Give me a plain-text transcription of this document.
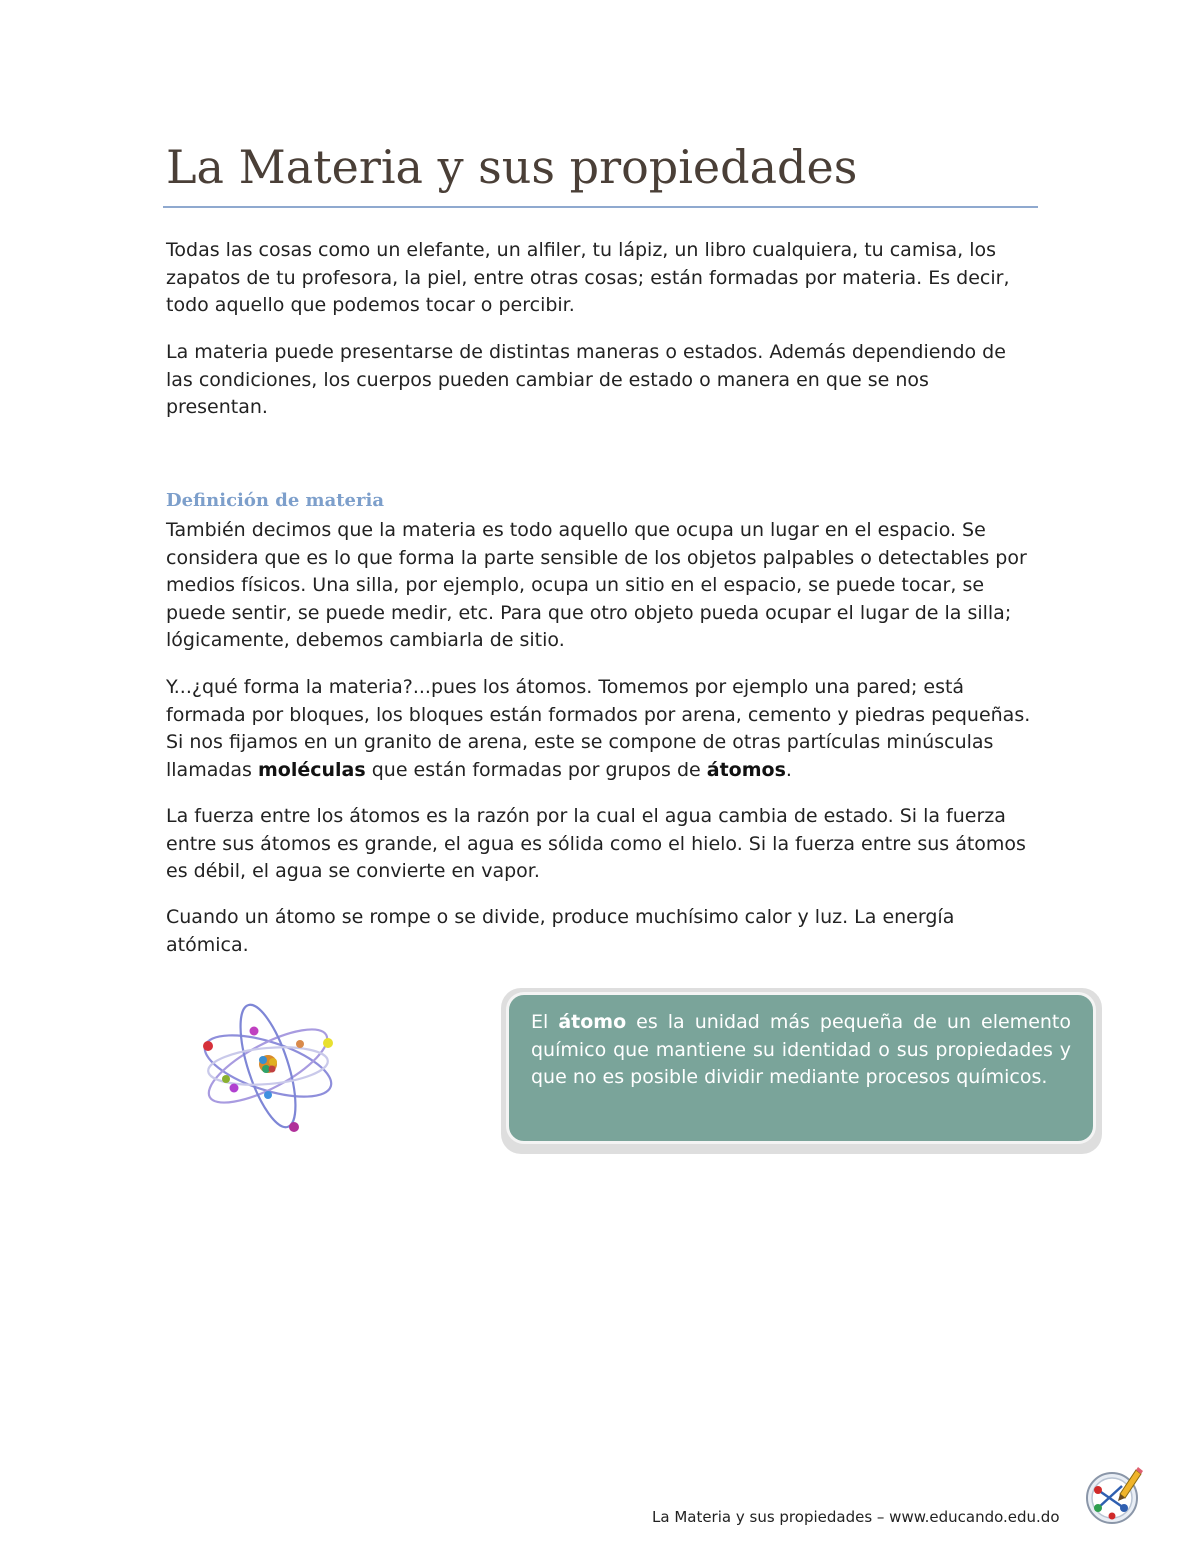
La Materia y sus propiedades

Todas las cosas como un elefante, un alfiler, tu lápiz, un libro cualquiera, tu camisa, los zapatos de tu profesora, la piel, entre otras cosas; están formadas por materia. Es decir, todo aquello que podemos tocar o percibir.

La materia puede presentarse de distintas maneras o estados. Además dependiendo de las condiciones, los cuerpos pueden cambiar de estado o manera en que se nos presentan.

Definición de materia

También decimos que la materia es todo aquello que ocupa un lugar en el espacio. Se considera que es lo que forma la parte sensible de los objetos palpables o detectables por medios físicos. Una silla, por ejemplo, ocupa un sitio en el espacio, se puede tocar, se puede sentir, se puede medir, etc. Para que otro objeto pueda ocupar el lugar de la silla; lógicamente, debemos cambiarla de sitio.

Y...¿qué forma la materia?...pues los átomos. Tomemos por ejemplo una pared; está formada por bloques, los bloques están formados por arena, cemento y piedras pequeñas. Si nos fijamos en un granito de arena, este se compone de otras partículas minúsculas llamadas moléculas que están formadas por grupos de átomos.

La fuerza entre los átomos es la razón por la cual el agua cambia de estado. Si la fuerza entre sus átomos es grande, el agua es sólida como el hielo. Si la fuerza entre sus átomos es débil, el agua se convierte en vapor.

Cuando un átomo se rompe o se divide, produce muchísimo calor y luz. La energía atómica.

El átomo es la unidad más pequeña de un elemento químico que mantiene su identidad o sus propiedades y que no es posible dividir mediante procesos químicos.

La Materia y sus propiedades – www.educando.edu.do
